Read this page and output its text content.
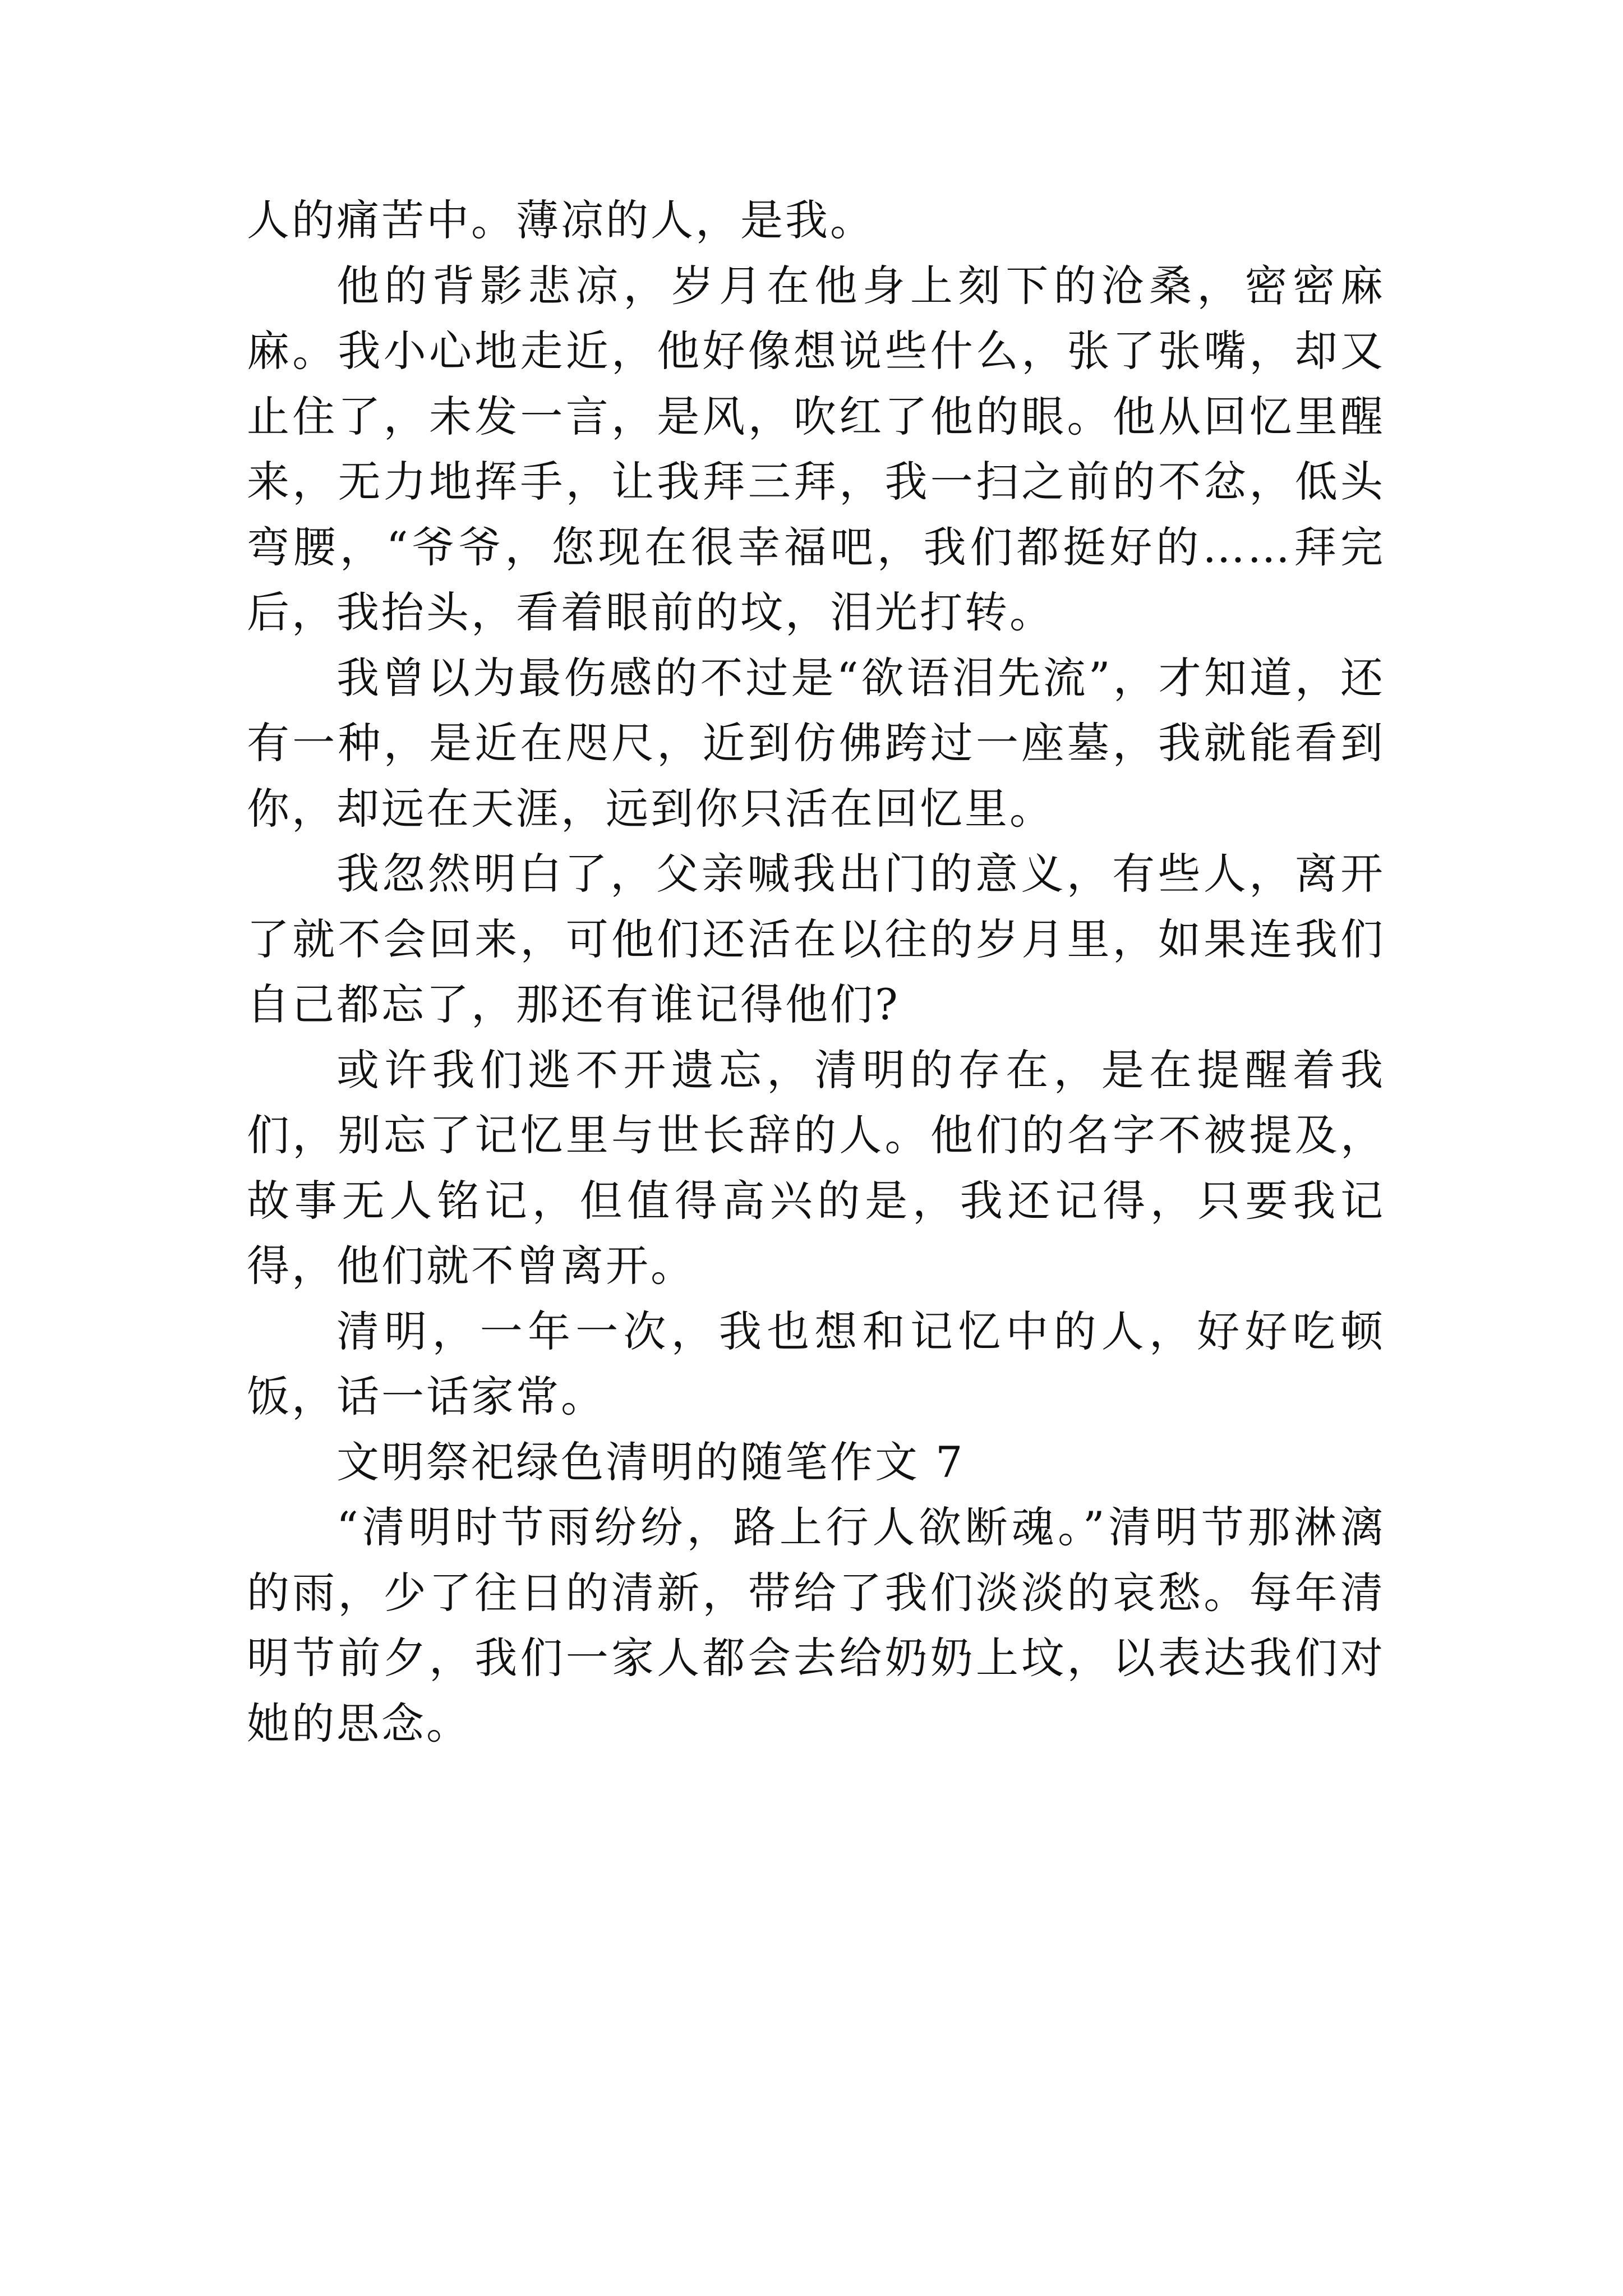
人的痛苦中。薄凉的人，是我。

他的背影悲凉，岁月在他身上刻下的沧桑，密密麻麻。我小心地走近，他好像想说些什么，张了张嘴，却又止住了，未发一言，是风，吹红了他的眼。他从回忆里醒来，无力地挥手，让我拜三拜，我一扫之前的不忿，低头弯腰，“爷爷，您现在很幸福吧，我们都挺好的……拜完后，我抬头，看着眼前的坟，泪光打转。

我曾以为最伤感的不过是“欲语泪先流”，才知道，还有一种，是近在咫尺，近到仿佛跨过一座墓，我就能看到你，却远在天涯，远到你只活在回忆里。

我忽然明白了，父亲喊我出门的意义，有些人，离开了就不会回来，可他们还活在以往的岁月里，如果连我们自己都忘了，那还有谁记得他们?

或许我们逃不开遗忘，清明的存在，是在提醒着我们，别忘了记忆里与世长辞的人。他们的名字不被提及，故事无人铭记，但值得高兴的是，我还记得，只要我记得，他们就不曾离开。

清明，一年一次，我也想和记忆中的人，好好吃顿饭，话一话家常。

文明祭祀绿色清明的随笔作文 7

“清明时节雨纷纷，路上行人欲断魂。”清明节那淋漓的雨，少了往日的清新，带给了我们淡淡的哀愁。每年清明节前夕，我们一家人都会去给奶奶上坟，以表达我们对她的思念。
